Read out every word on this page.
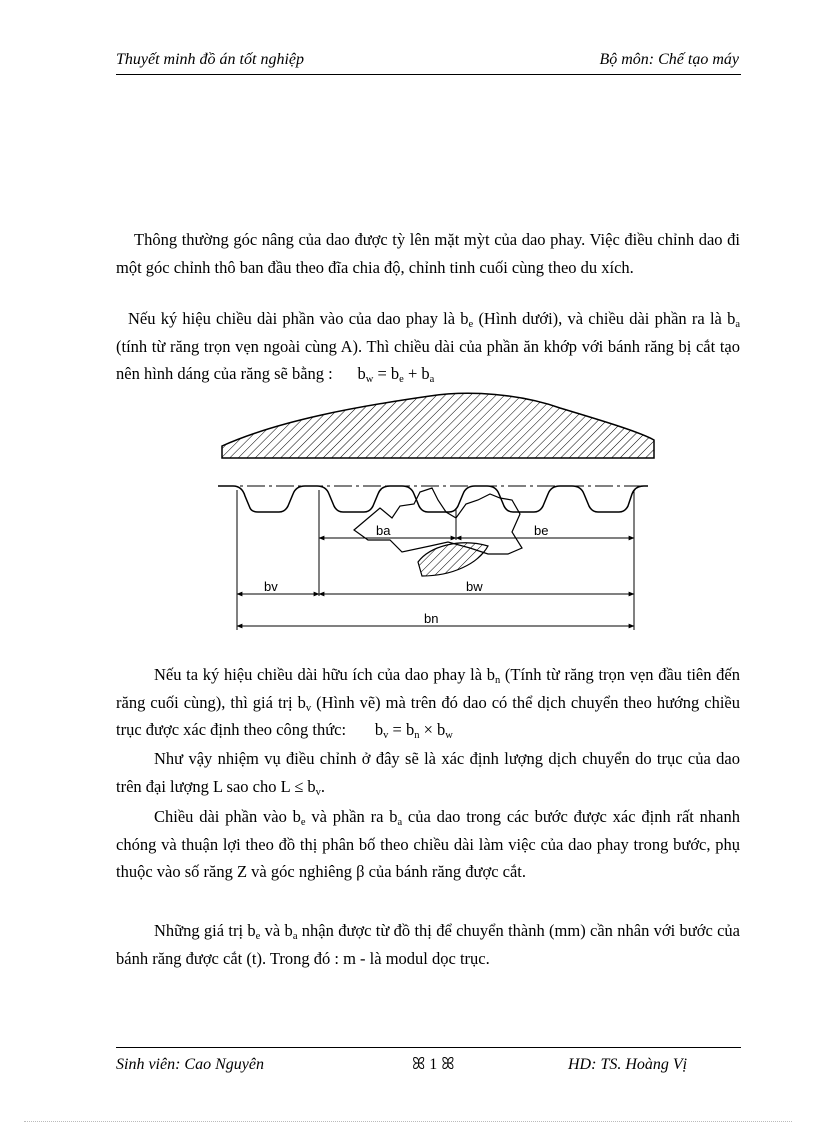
Thuyết minh đồ án tốt nghiệp	Bộ môn: Chế tạo máy

Thông thường góc nâng của dao được tỳ lên mặt mỳt của dao phay. Việc điều chỉnh dao đi một góc chỉnh thô ban đầu theo đĩa chia độ, chỉnh tinh cuối cùng theo du xích.

Nếu ký hiệu chiều dài phần vào của dao phay là $b_e$ (Hình dưới), và chiều dài phần ra là $b_a$ (tính từ răng trọn vẹn ngoài cùng A). Thì chiều dài của phần ăn khớp với bánh răng bị cắt tạo nên hình dáng của răng sẽ bằng : $b_w = b_e + b_a$

ba	be
bv	bw
bn

Nếu ta ký hiệu chiều dài hữu ích của dao phay là $b_n$ (Tính từ răng trọn vẹn đầu tiên đến răng cuối cùng), thì giá trị $b_v$ (Hình vẽ) mà trên đó dao có thể dịch chuyển theo hướng chiều trục được xác định theo công thức: $b_v = b_n \times b_w$

Như vậy nhiệm vụ điều chỉnh ở đây sẽ là xác định lượng dịch chuyển do trục của dao trên đại lượng L sao cho $L \le b_v$.

Chiều dài phần vào $b_e$ và phần ra $b_a$ của dao trong các bước được xác định rất nhanh chóng và thuận lợi theo đồ thị phân bố theo chiều dài làm việc của dao phay trong bước, phụ thuộc vào số răng Z và góc nghiêng β của bánh răng được cắt.

Những giá trị $b_e$ và $b_a$ nhận được từ đồ thị để chuyển thành (mm) cần nhân với bước của bánh răng được cắt (t). Trong đó : m - là modul dọc trục.

Sinh viên: Cao Nguyên	ꕤ 1 ꕤ	HD: TS. Hoàng Vị
